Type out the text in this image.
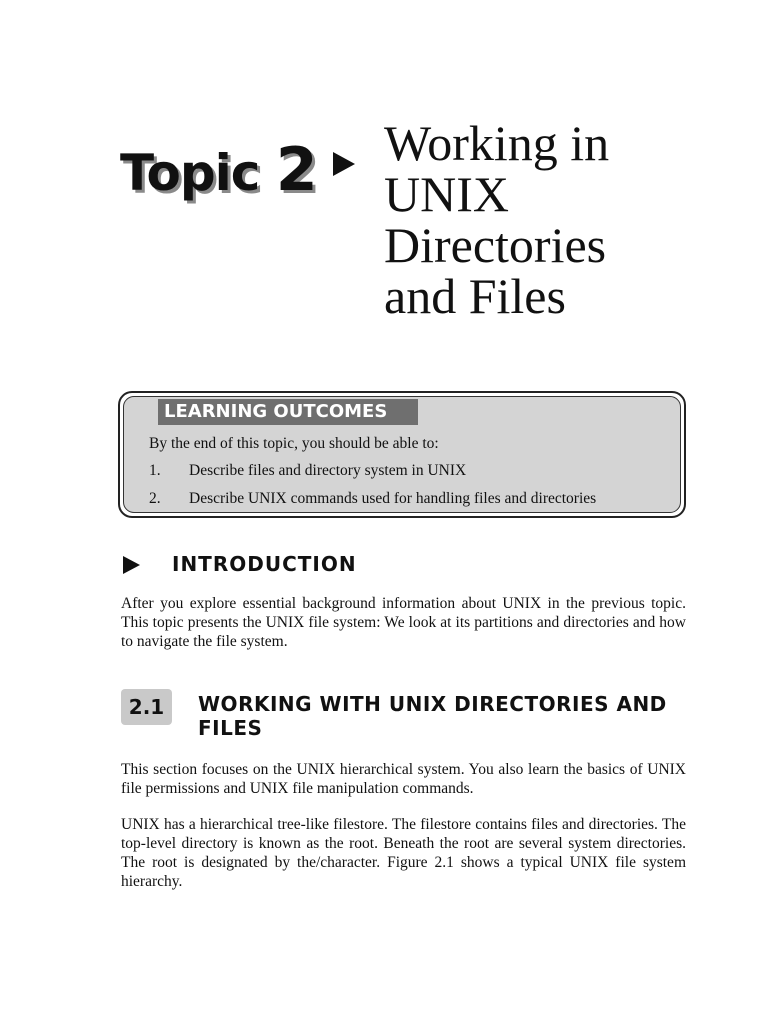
Topic 2 Working in
UNIX
Directories
and Files
LEARNING OUTCOMES
By the end of this topic, you should be able to:
1. Describe files and directory system in UNIX
2. Describe UNIX commands used for handling files and directories
INTRODUCTION
After you explore essential background information about UNIX in the previous topic. This topic presents the UNIX file system: We look at its partitions and directories and how to navigate the file system.
2.1	WORKING WITH UNIX DIRECTORIES AND FILES
This section focuses on the UNIX hierarchical system. You also learn the basics of UNIX file permissions and UNIX file manipulation commands.
UNIX has a hierarchical tree-like filestore. The filestore contains files and directories. The top-level directory is known as the root. Beneath the root are several system directories. The root is designated by the/character. Figure 2.1 shows a typical UNIX file system hierarchy.
